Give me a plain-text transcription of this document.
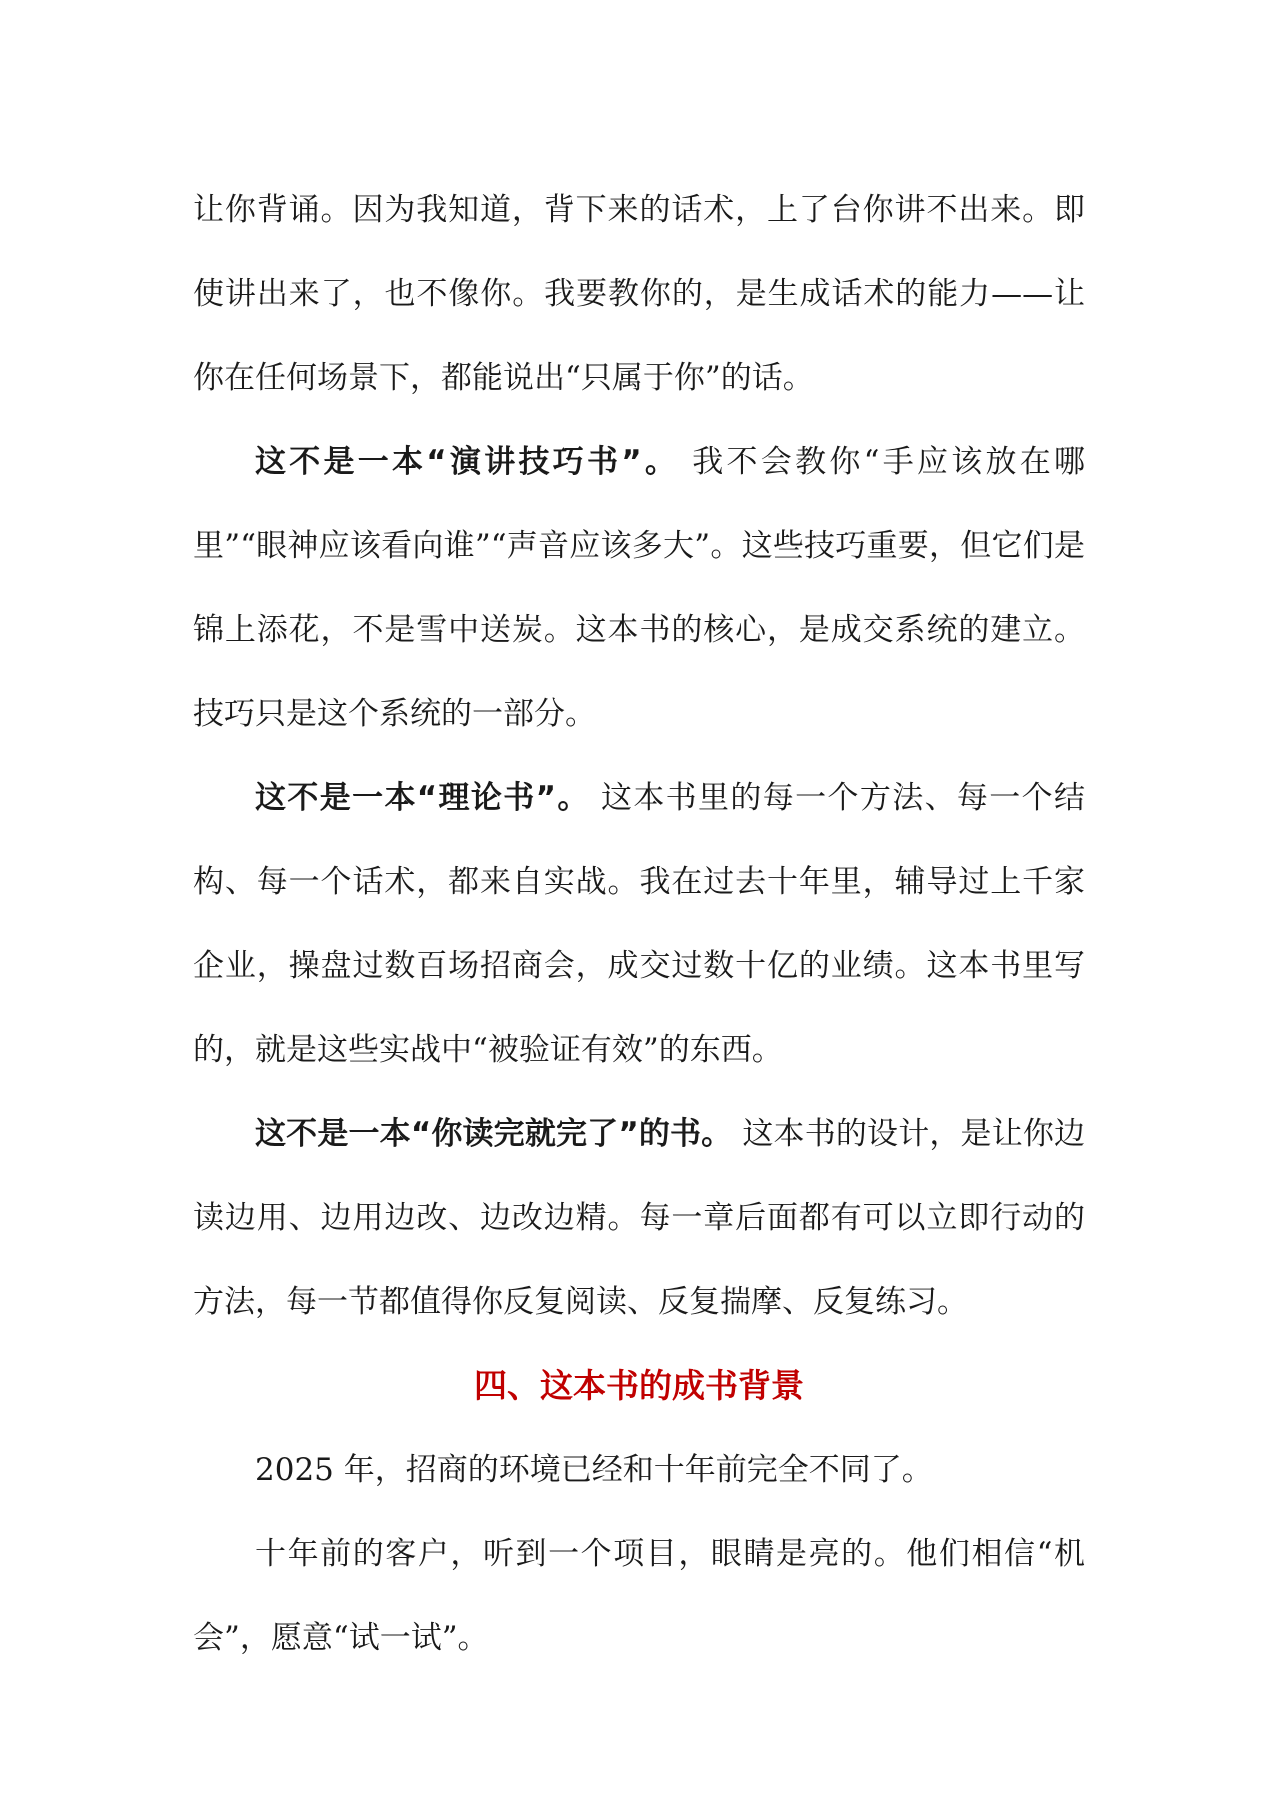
让你背诵。因为我知道，背下来的话术，上了台你讲不出来。即使讲出来了，也不像你。我要教你的，是生成话术的能力——让你在任何场景下，都能说出“只属于你”的话。

这不是一本“演讲技巧书”。 我不会教你“手应该放在哪里”“眼神应该看向谁”“声音应该多大”。这些技巧重要，但它们是锦上添花，不是雪中送炭。这本书的核心，是成交系统的建立。技巧只是这个系统的一部分。

这不是一本“理论书”。 这本书里的每一个方法、每一个结构、每一个话术，都来自实战。我在过去十年里，辅导过上千家企业，操盘过数百场招商会，成交过数十亿的业绩。这本书里写的，就是这些实战中“被验证有效”的东西。

这不是一本“你读完就完了”的书。 这本书的设计，是让你边读边用、边用边改、边改边精。每一章后面都有可以立即行动的方法，每一节都值得你反复阅读、反复揣摩、反复练习。

四、这本书的成书背景

2025 年，招商的环境已经和十年前完全不同了。

十年前的客户，听到一个项目，眼睛是亮的。他们相信“机会”，愿意“试一试”。
